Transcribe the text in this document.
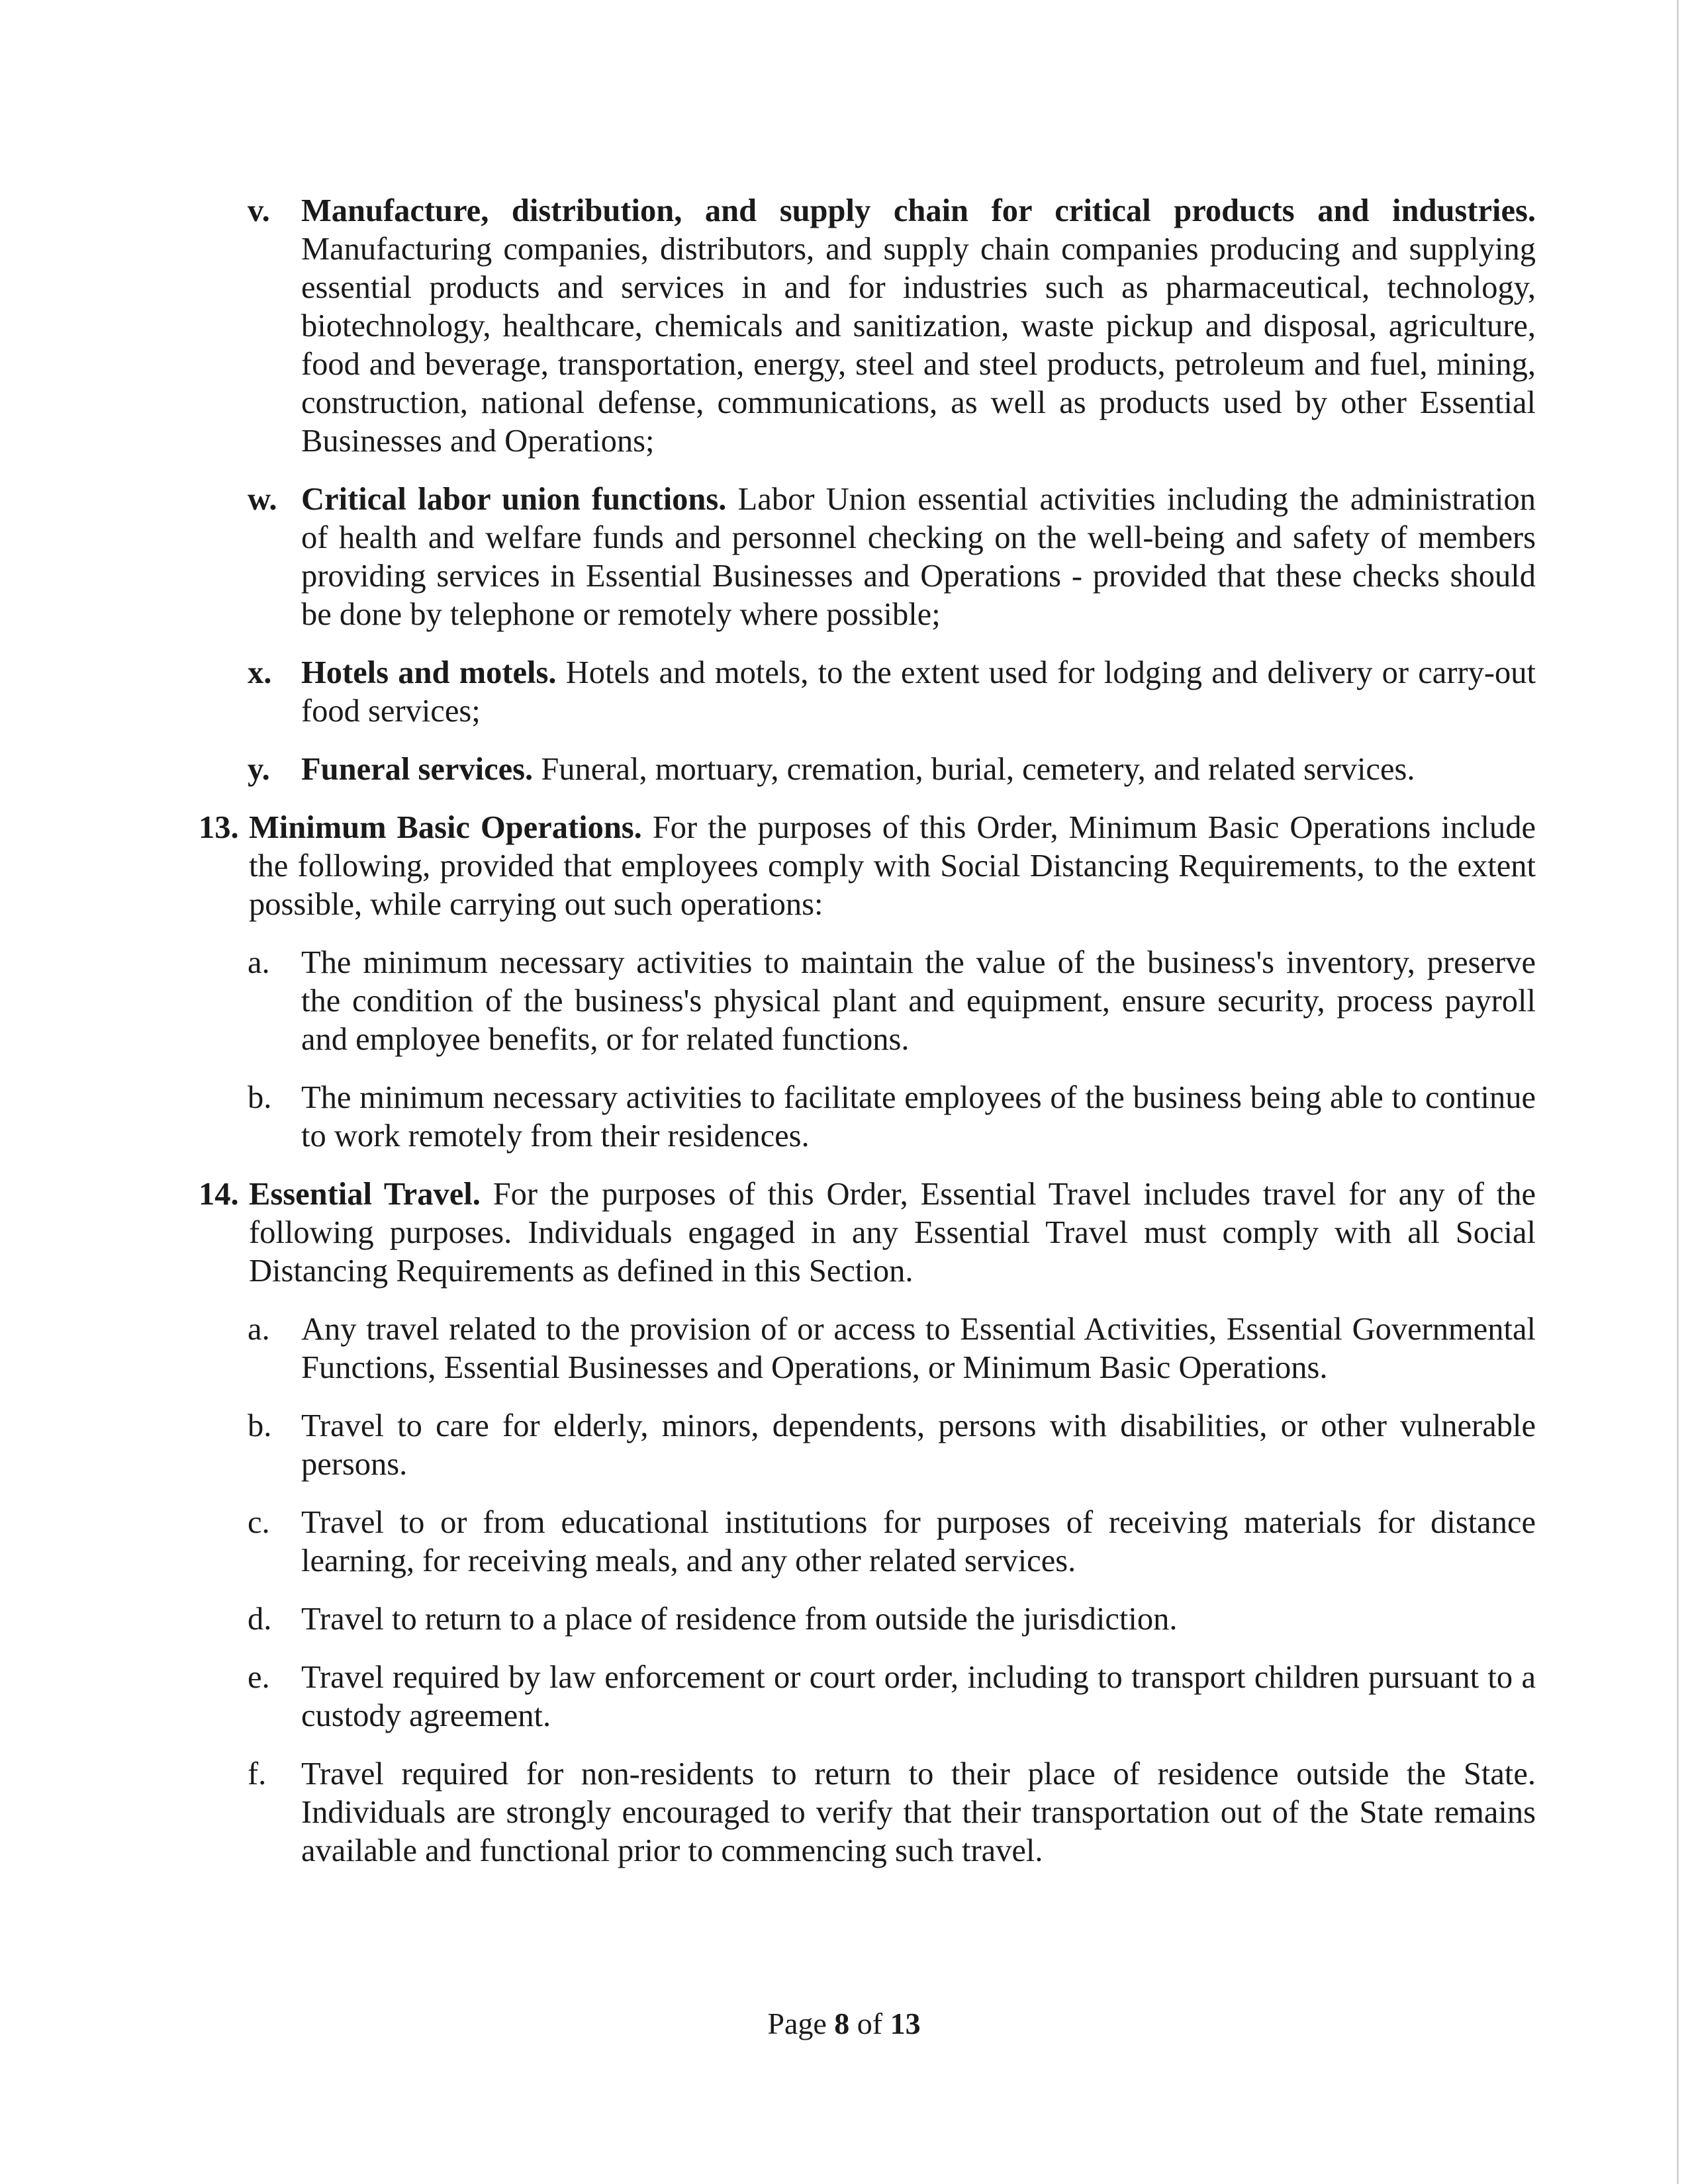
v. Manufacture, distribution, and supply chain for critical products and industries. Manufacturing companies, distributors, and supply chain companies producing and supplying essential products and services in and for industries such as pharmaceutical, technology, biotechnology, healthcare, chemicals and sanitization, waste pickup and disposal, agriculture, food and beverage, transportation, energy, steel and steel products, petroleum and fuel, mining, construction, national defense, communications, as well as products used by other Essential Businesses and Operations;
w. Critical labor union functions. Labor Union essential activities including the administration of health and welfare funds and personnel checking on the well-being and safety of members providing services in Essential Businesses and Operations - provided that these checks should be done by telephone or remotely where possible;
x. Hotels and motels. Hotels and motels, to the extent used for lodging and delivery or carry-out food services;
y. Funeral services. Funeral, mortuary, cremation, burial, cemetery, and related services.
13. Minimum Basic Operations. For the purposes of this Order, Minimum Basic Operations include the following, provided that employees comply with Social Distancing Requirements, to the extent possible, while carrying out such operations:
a. The minimum necessary activities to maintain the value of the business's inventory, preserve the condition of the business's physical plant and equipment, ensure security, process payroll and employee benefits, or for related functions.
b. The minimum necessary activities to facilitate employees of the business being able to continue to work remotely from their residences.
14. Essential Travel. For the purposes of this Order, Essential Travel includes travel for any of the following purposes. Individuals engaged in any Essential Travel must comply with all Social Distancing Requirements as defined in this Section.
a. Any travel related to the provision of or access to Essential Activities, Essential Governmental Functions, Essential Businesses and Operations, or Minimum Basic Operations.
b. Travel to care for elderly, minors, dependents, persons with disabilities, or other vulnerable persons.
c. Travel to or from educational institutions for purposes of receiving materials for distance learning, for receiving meals, and any other related services.
d. Travel to return to a place of residence from outside the jurisdiction.
e. Travel required by law enforcement or court order, including to transport children pursuant to a custody agreement.
f. Travel required for non-residents to return to their place of residence outside the State. Individuals are strongly encouraged to verify that their transportation out of the State remains available and functional prior to commencing such travel.
Page 8 of 13
